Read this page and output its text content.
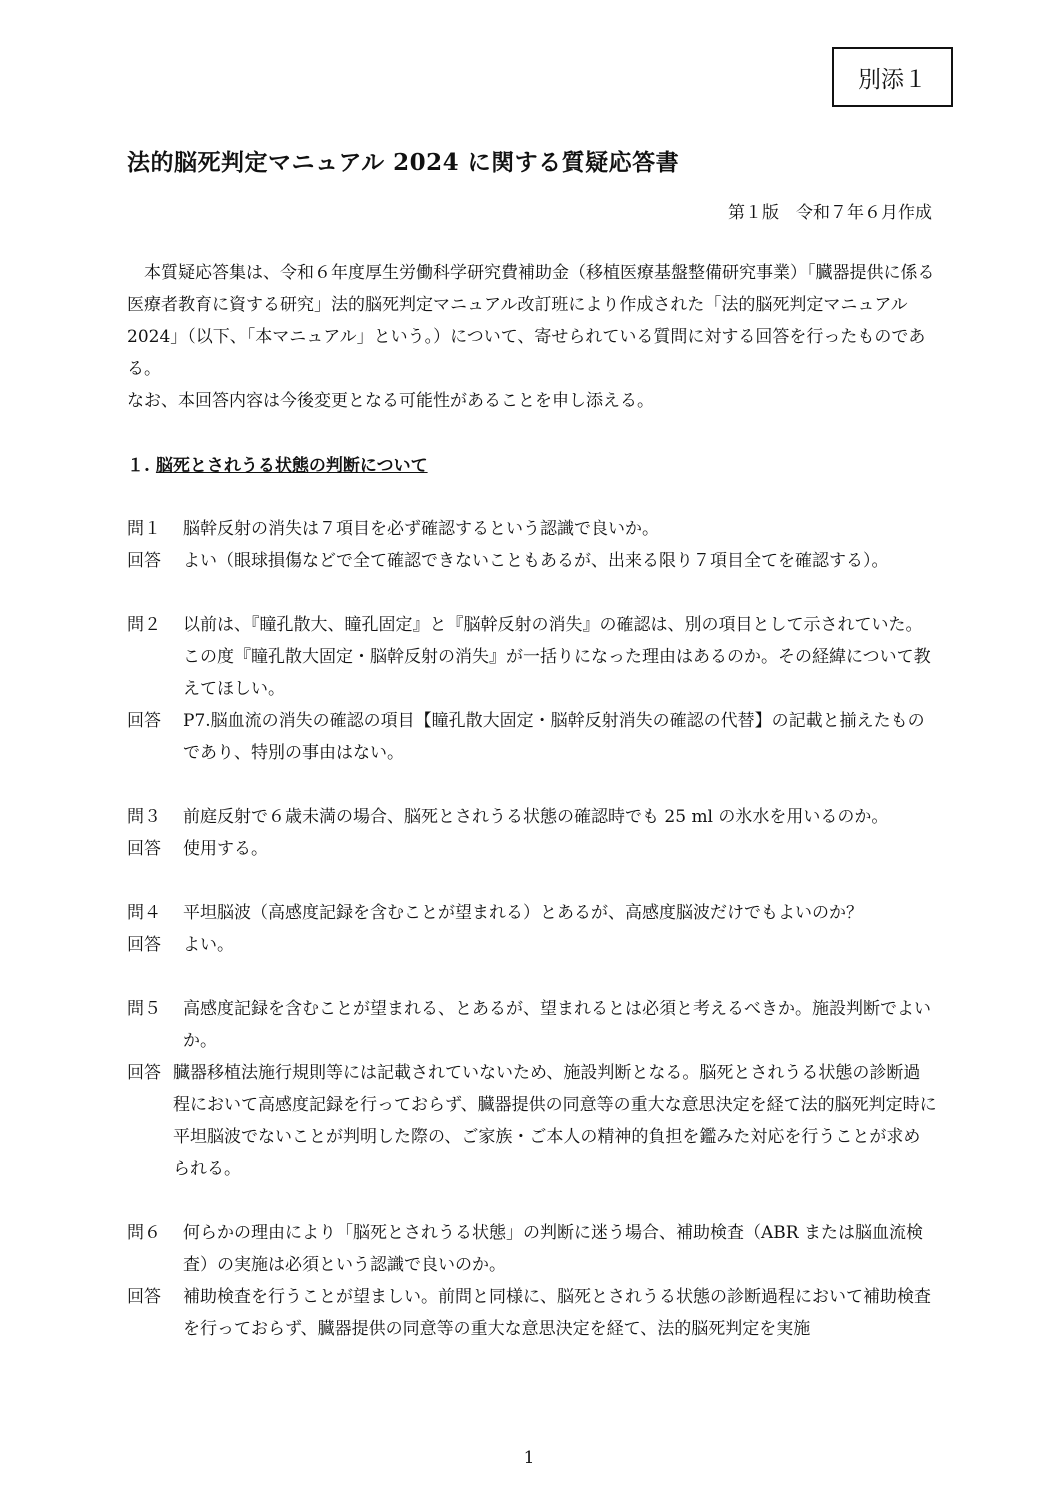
別添１
法的脳死判定マニュアル 2024 に関する質疑応答書
第１版　令和７年６月作成

本質疑応答集は、令和６年度厚生労働科学研究費補助金（移植医療基盤整備研究事業）「臓器提供に係る医療者教育に資する研究」法的脳死判定マニュアル改訂班により作成された「法的脳死判定マニュアル 2024」（以下、「本マニュアル」という。）について、寄せられている質問に対する回答を行ったものである。

なお、本回答内容は今後変更となる可能性があることを申し添える。

１. 脳死とされうる状態の判断について
問１	脳幹反射の消失は７項目を必ず確認するという認識で良いか。
回答	よい（眼球損傷などで全て確認できないこともあるが、出来る限り７項目全てを確認する）。
問２	以前は、『瞳孔散大、瞳孔固定』と『脳幹反射の消失』の確認は、別の項目として示されていた。この度『瞳孔散大固定・脳幹反射の消失』が一括りになった理由はあるのか。その経緯について教えてほしい。
回答	P7.脳血流の消失の確認の項目【瞳孔散大固定・脳幹反射消失の確認の代替】の記載と揃えたものであり、特別の事由はない。
問３	前庭反射で６歳未満の場合、脳死とされうる状態の確認時でも 25 ml の氷水を用いるのか。
回答	使用する。
問４	平坦脳波（高感度記録を含むことが望まれる）とあるが、高感度脳波だけでもよいのか？
回答	よい。
問５	高感度記録を含むことが望まれる、とあるが、望まれるとは必須と考えるべきか。施設判断でよいか。
回答 臓器移植法施行規則等には記載されていないため、施設判断となる。脳死とされうる状態の診断過程において高感度記録を行っておらず、臓器提供の同意等の重大な意思決定を経て法的脳死判定時に平坦脳波でないことが判明した際の、ご家族・ご本人の精神的負担を鑑みた対応を行うことが求められる。
問６	何らかの理由により「脳死とされうる状態」の判断に迷う場合、補助検査（ABR または脳血流検査）の実施は必須という認識で良いのか。
回答	補助検査を行うことが望ましい。前問と同様に、脳死とされうる状態の診断過程において補助検査を行っておらず、臓器提供の同意等の重大な意思決定を経て、法的脳死判定を実施
1
